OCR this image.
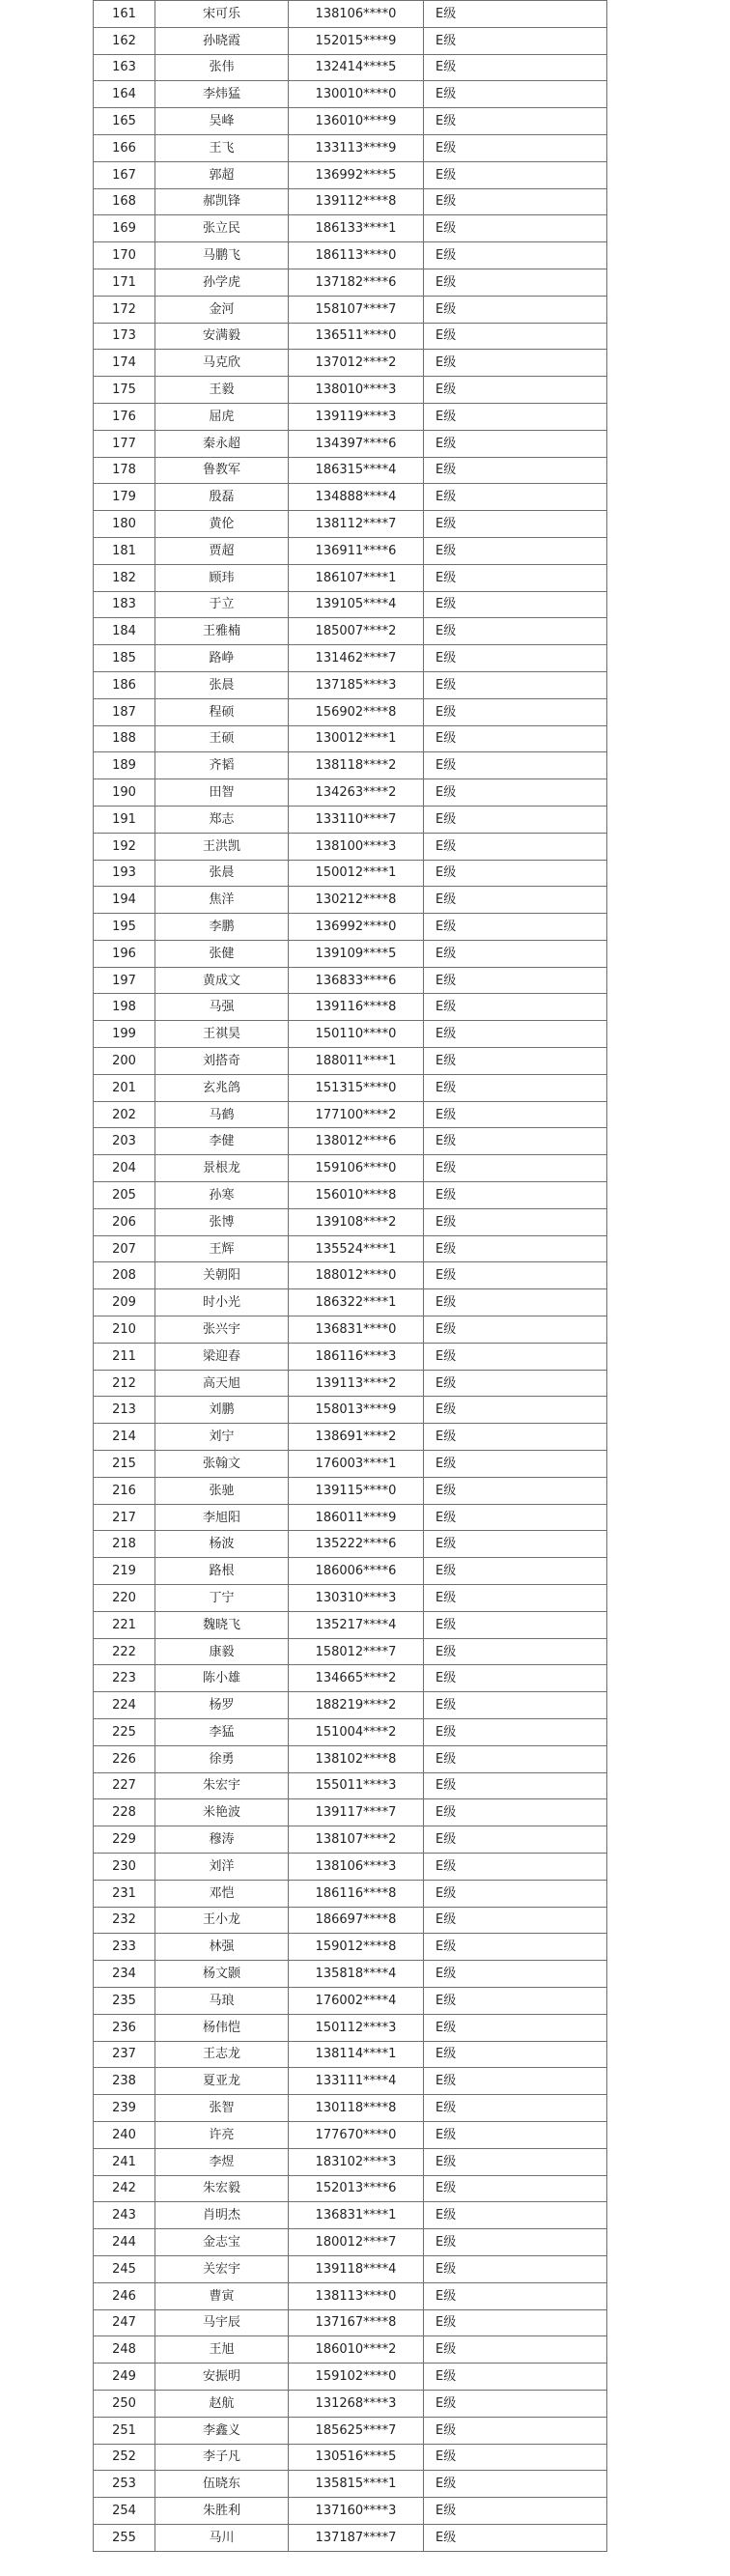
161	宋可乐	138106****0	E级
162	孙晓霞	152015****9	E级
163	张伟	132414****5	E级
164	李炜猛	130010****0	E级
165	吴峰	136010****9	E级
166	王飞	133113****9	E级
167	郭超	136992****5	E级
168	郝凯锋	139112****8	E级
169	张立民	186133****1	E级
170	马鹏飞	186113****0	E级
171	孙学虎	137182****6	E级
172	金河	158107****7	E级
173	安满毅	136511****0	E级
174	马克欣	137012****2	E级
175	王毅	138010****3	E级
176	屈虎	139119****3	E级
177	秦永超	134397****6	E级
178	鲁教军	186315****4	E级
179	殷磊	134888****4	E级
180	黄伦	138112****7	E级
181	贾超	136911****6	E级
182	顾玮	186107****1	E级
183	于立	139105****4	E级
184	王雅楠	185007****2	E级
185	路峥	131462****7	E级
186	张晨	137185****3	E级
187	程硕	156902****8	E级
188	王硕	130012****1	E级
189	齐韬	138118****2	E级
190	田智	134263****2	E级
191	郑志	133110****7	E级
192	王洪凯	138100****3	E级
193	张晨	150012****1	E级
194	焦洋	130212****8	E级
195	李鹏	136992****0	E级
196	张健	139109****5	E级
197	黄成文	136833****6	E级
198	马强	139116****8	E级
199	王祺昊	150110****0	E级
200	刘搭奇	188011****1	E级
201	玄兆鸽	151315****0	E级
202	马鹤	177100****2	E级
203	李健	138012****6	E级
204	景根龙	159106****0	E级
205	孙寒	156010****8	E级
206	张博	139108****2	E级
207	王辉	135524****1	E级
208	关朝阳	188012****0	E级
209	时小光	186322****1	E级
210	张兴宇	136831****0	E级
211	梁迎春	186116****3	E级
212	高天旭	139113****2	E级
213	刘鹏	158013****9	E级
214	刘宁	138691****2	E级
215	张翰文	176003****1	E级
216	张驰	139115****0	E级
217	李旭阳	186011****9	E级
218	杨波	135222****6	E级
219	路根	186006****6	E级
220	丁宁	130310****3	E级
221	魏晓飞	135217****4	E级
222	康毅	158012****7	E级
223	陈小雄	134665****2	E级
224	杨罗	188219****2	E级
225	李猛	151004****2	E级
226	徐勇	138102****8	E级
227	朱宏宇	155011****3	E级
228	米艳波	139117****7	E级
229	穆涛	138107****2	E级
230	刘洋	138106****3	E级
231	邓恺	186116****8	E级
232	王小龙	186697****8	E级
233	林强	159012****8	E级
234	杨文颢	135818****4	E级
235	马琅	176002****4	E级
236	杨伟恺	150112****3	E级
237	王志龙	138114****1	E级
238	夏亚龙	133111****4	E级
239	张智	130118****8	E级
240	许亮	177670****0	E级
241	李煜	183102****3	E级
242	朱宏毅	152013****6	E级
243	肖明杰	136831****1	E级
244	金志宝	180012****7	E级
245	关宏宇	139118****4	E级
246	曹寅	138113****0	E级
247	马宇辰	137167****8	E级
248	王旭	186010****2	E级
249	安振明	159102****0	E级
250	赵航	131268****3	E级
251	李鑫义	185625****7	E级
252	李子凡	130516****5	E级
253	伍晓东	135815****1	E级
254	朱胜利	137160****3	E级
255	马川	137187****7	E级
